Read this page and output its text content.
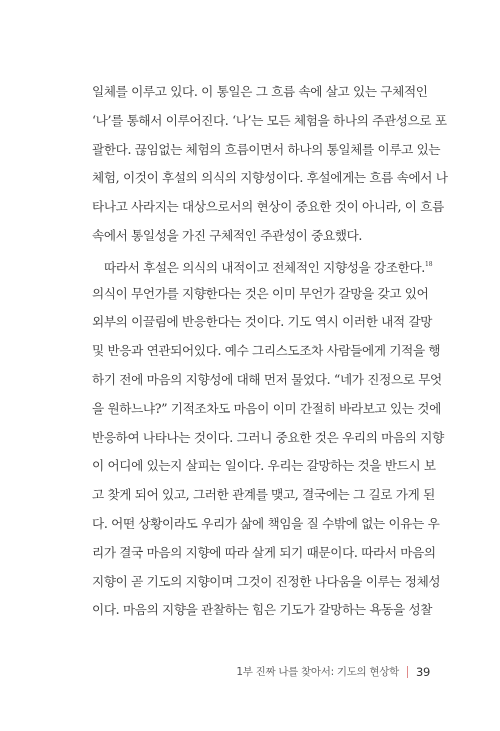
일체를 이루고 있다. 이 통일은 그 흐름 속에 살고 있는 구체적인
‘나’를 통해서 이루어진다. ‘나’는 모든 체험을 하나의 주관성으로 포
괄한다. 끊임없는 체험의 흐름이면서 하나의 통일체를 이루고 있는
체험, 이것이 후설의 의식의 지향성이다. 후설에게는 흐름 속에서 나
타나고 사라지는 대상으로서의 현상이 중요한 것이 아니라, 이 흐름
속에서 통일성을 가진 구체적인 주관성이 중요했다.
따라서 후설은 의식의 내적이고 전체적인 지향성을 강조한다.$^{18}$
의식이 무언가를 지향한다는 것은 이미 무언가 갈망을 갖고 있어
외부의 이끌림에 반응한다는 것이다. 기도 역시 이러한 내적 갈망
및 반응과 연관되어있다. 예수 그리스도조차 사람들에게 기적을 행
하기 전에 마음의 지향성에 대해 먼저 물었다. “네가 진정으로 무엇
을 원하느냐?” 기적조차도 마음이 이미 간절히 바라보고 있는 것에
반응하여 나타나는 것이다. 그러니 중요한 것은 우리의 마음의 지향
이 어디에 있는지 살피는 일이다. 우리는 갈망하는 것을 반드시 보
고 찾게 되어 있고, 그러한 관계를 맺고, 결국에는 그 길로 가게 된
다. 어떤 상황이라도 우리가 삶에 책임을 질 수밖에 없는 이유는 우
리가 결국 마음의 지향에 따라 살게 되기 때문이다. 따라서 마음의
지향이 곧 기도의 지향이며 그것이 진정한 나다움을 이루는 정체성
이다. 마음의 지향을 관찰하는 힘은 기도가 갈망하는 욕동을 성찰
1부 진짜 나를 찾아서: 기도의 현상학 39
